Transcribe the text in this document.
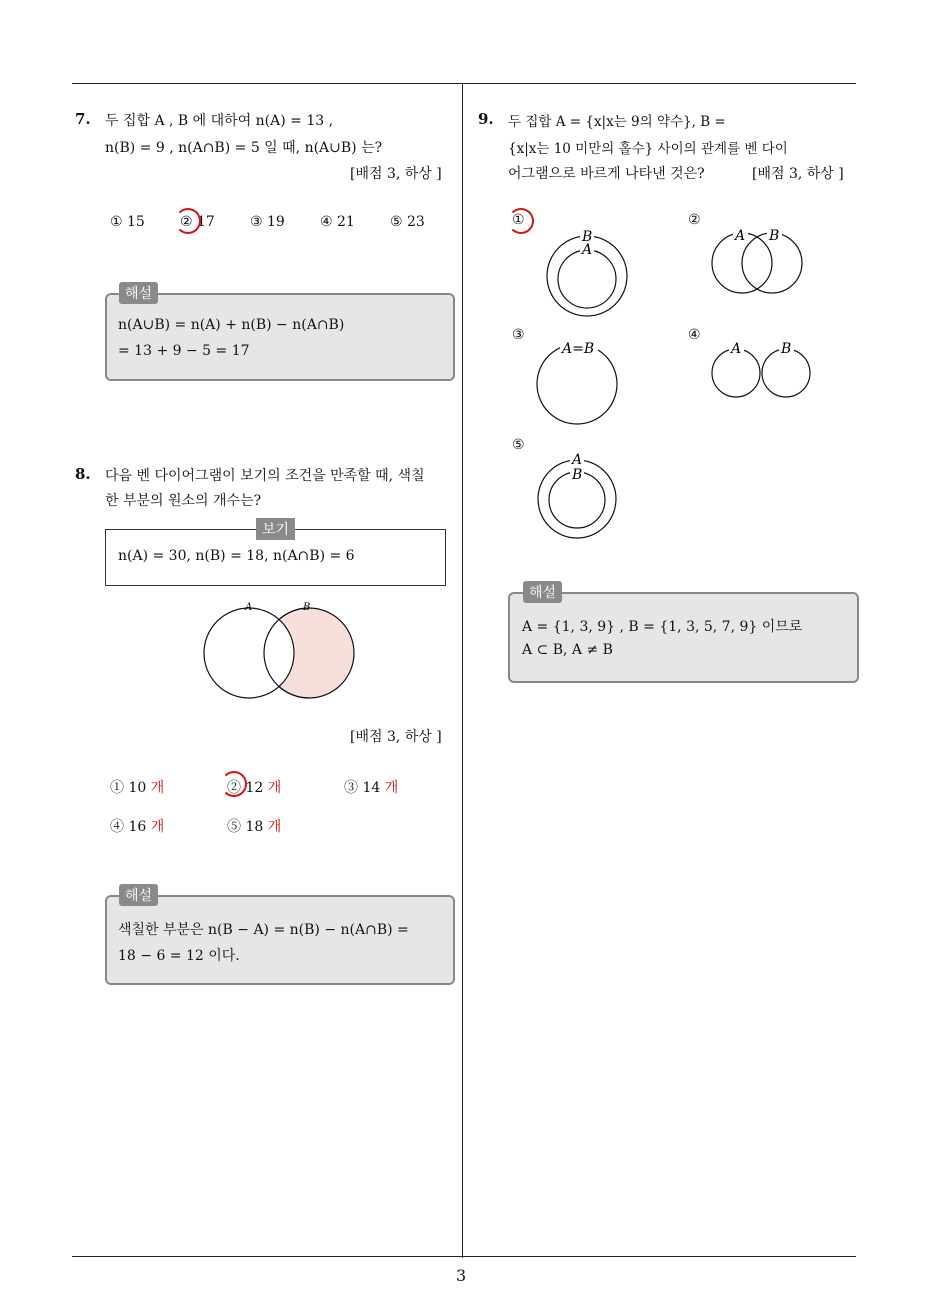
3
7. 두 집합 A , B 에 대하여 n(A) = 13 ,
n(B) = 9 , n(A∩B) = 5 일 때, n(A∪B) 는?
[배점 3, 하상 ]
① 15	② 17	③ 19	④ 21	⑤ 23
해설
n(A∪B) = n(A) + n(B) − n(A∩B)
= 13 + 9 − 5 = 17
8. 다음 벤 다이어그램이 보기의 조건을 만족할 때, 색칠
한 부분의 원소의 개수는?
보기
n(A) = 30, n(B) = 18, n(A∩B) = 6
A	B
[배점 3, 하상 ]
① 10 개	② 12 개	③ 14 개
④ 16 개	⑤ 18 개
해설
색칠한 부분은 n(B − A) = n(B) − n(A∩B) =
18 − 6 = 12 이다.
9. 두 집합 A = {x|x는 9의 약수}, B =
{x|x는 10 미만의 홀수} 사이의 관계를 벤 다이
어그램으로 바르게 나타낸 것은?	[배점 3, 하상 ]
①
B
A
②
A B
③
A=B
④
A	B
⑤
A
B
해설
A = {1, 3, 9} , B = {1, 3, 5, 7, 9} 이므로
A ⊂ B, A ≠ B
